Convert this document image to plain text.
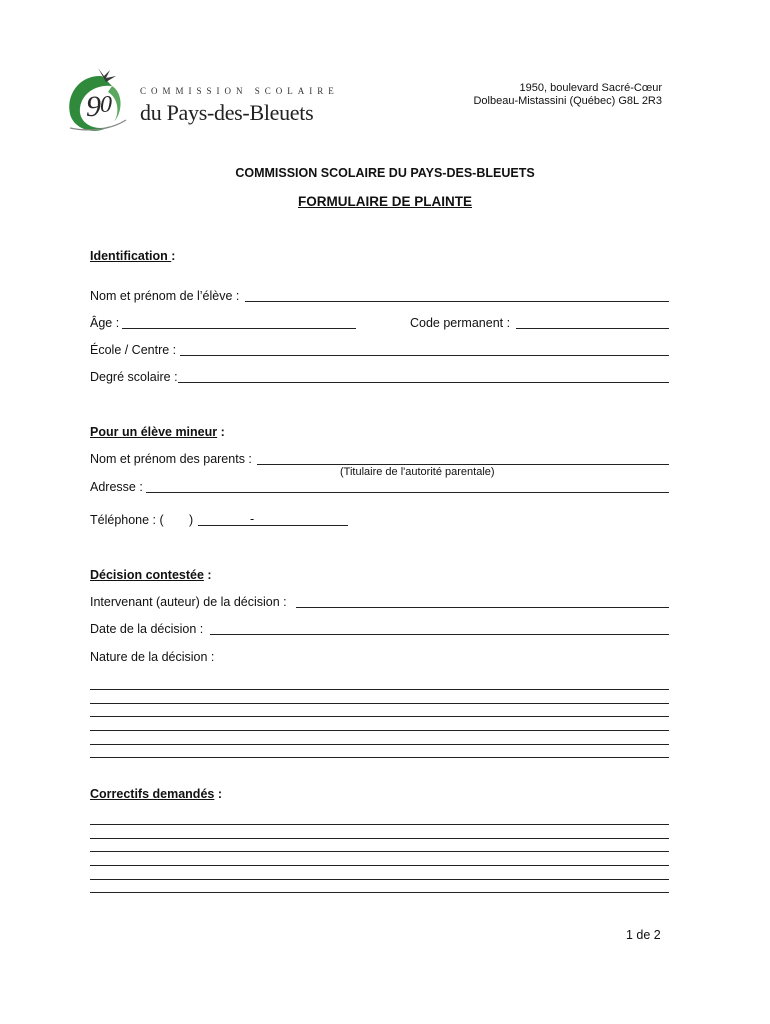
9 0
COMMISSION SCOLAIRE
du Pays-des-Bleuets
1950, boulevard Sacré-Cœur
Dolbeau-Mistassini (Québec) G8L 2R3
COMMISSION SCOLAIRE DU PAYS-DES-BLEUETS
FORMULAIRE DE PLAINTE
Identification :
Nom et prénom de l’élève :
Âge :	Code permanent :
École / Centre :
Degré scolaire :
Pour un élève mineur :
Nom et prénom des parents :
(Titulaire de l'autorité parentale)
Adresse :
Téléphone : ( )	-
Décision contestée :
Intervenant (auteur) de la décision :
Date de la décision :
Nature de la décision :
Correctifs demandés :
1 de 2
